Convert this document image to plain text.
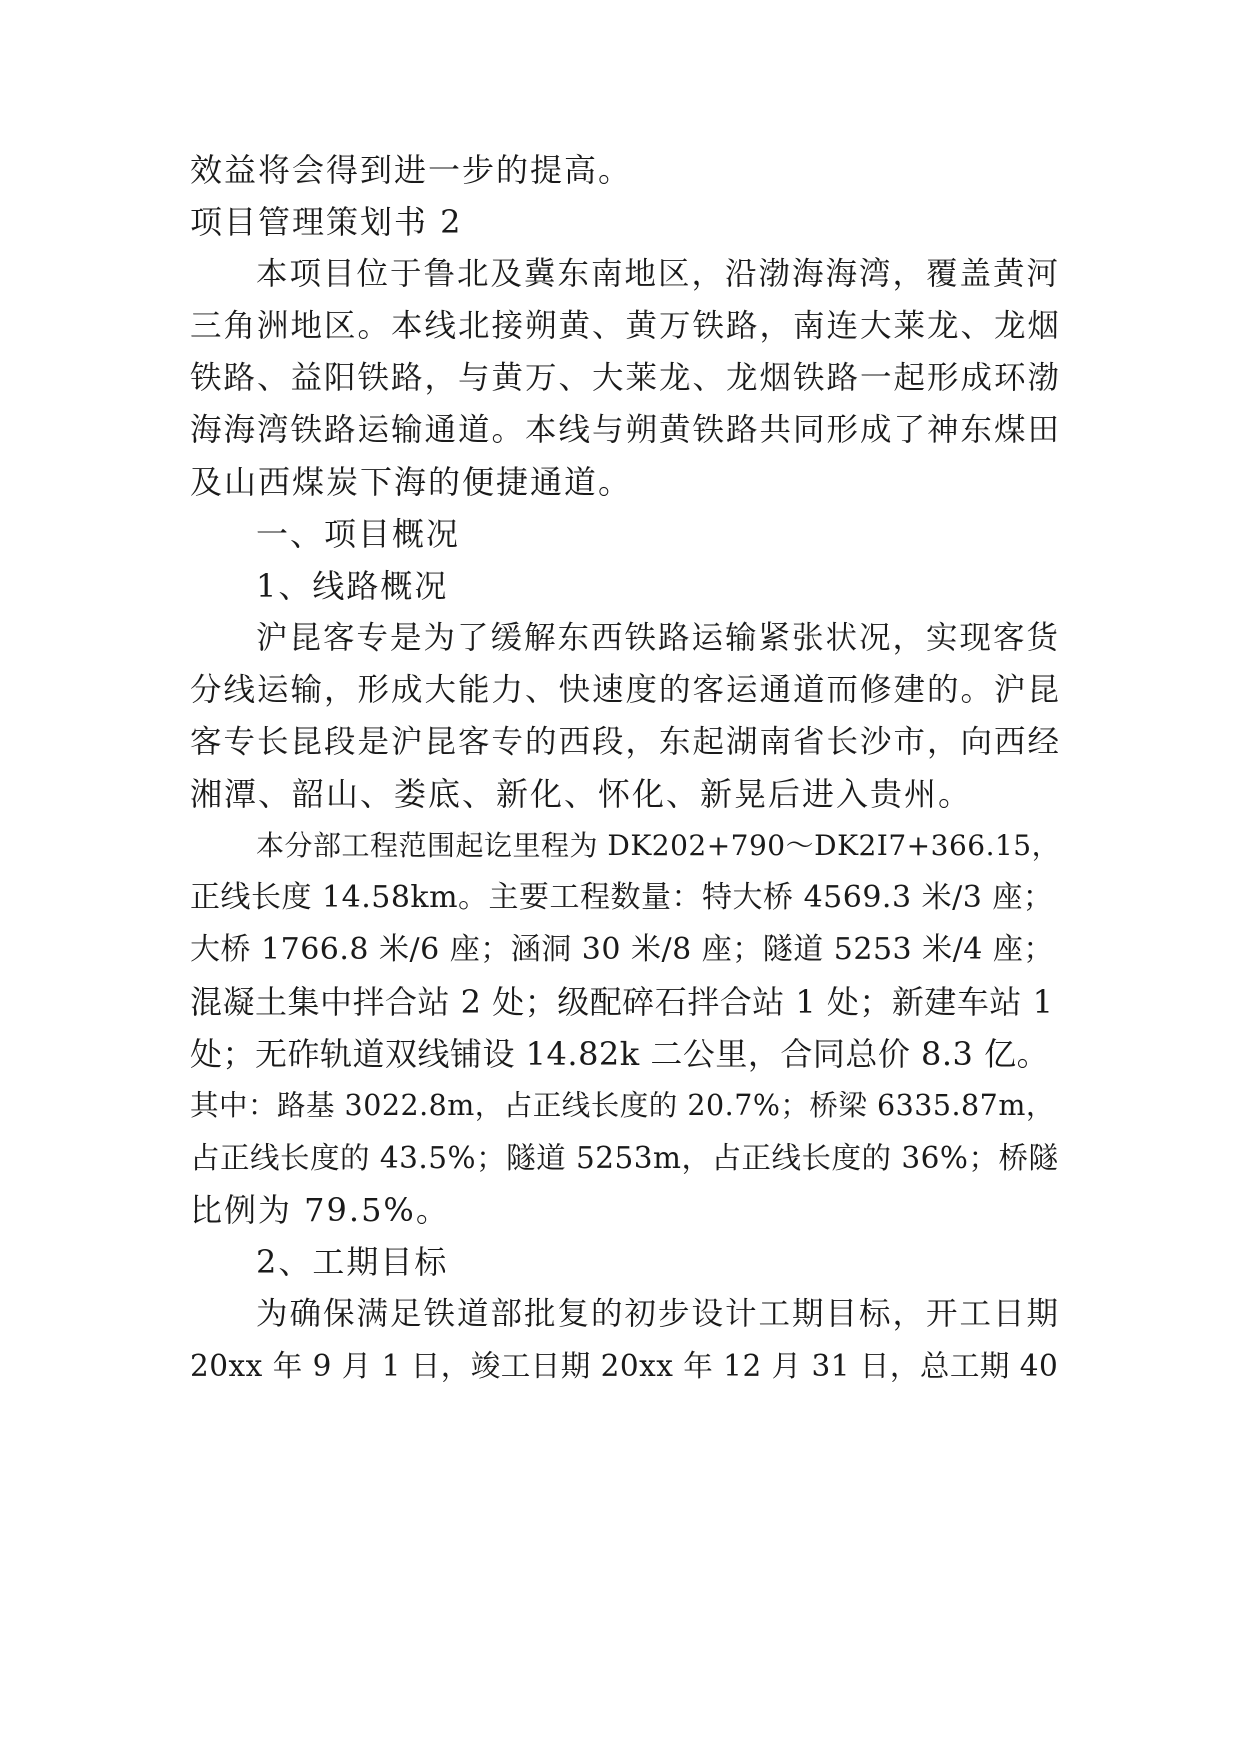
效益将会得到进一步的提高。
项目管理策划书 2
本项目位于鲁北及冀东南地区，沿渤海海湾，覆盖黄河
三角洲地区。本线北接朔黄、黄万铁路，南连大莱龙、龙烟
铁路、益阳铁路，与黄万、大莱龙、龙烟铁路一起形成环渤
海海湾铁路运输通道。本线与朔黄铁路共同形成了神东煤田
及山西煤炭下海的便捷通道。
一、项目概况
1、线路概况
沪昆客专是为了缓解东西铁路运输紧张状况，实现客货
分线运输，形成大能力、快速度的客运通道而修建的。沪昆
客专长昆段是沪昆客专的西段，东起湖南省长沙市，向西经
湘潭、韶山、娄底、新化、怀化、新晃后进入贵州。
本分部工程范围起讫里程为 DK202+790～DK2I7+366.15，
正线长度 14.58km。主要工程数量：特大桥 4569.3 米/3 座；
大桥 1766.8 米/6 座；涵洞 30 米/8 座；隧道 5253 米/4 座；
混凝土集中拌合站 2 处；级配碎石拌合站 1 处；新建车站 1
处；无砟轨道双线铺设 14.82k 二公里，合同总价 8.3 亿。
其中：路基 3022.8m，占正线长度的 20.7%；桥梁 6335.87m，
占正线长度的 43.5%；隧道 5253m，占正线长度的 36%；桥隧
比例为 79.5%。
2、工期目标
为确保满足铁道部批复的初步设计工期目标，开工日期
20xx 年 9 月 1 日，竣工日期 20xx 年 12 月 31 日，总工期 40
